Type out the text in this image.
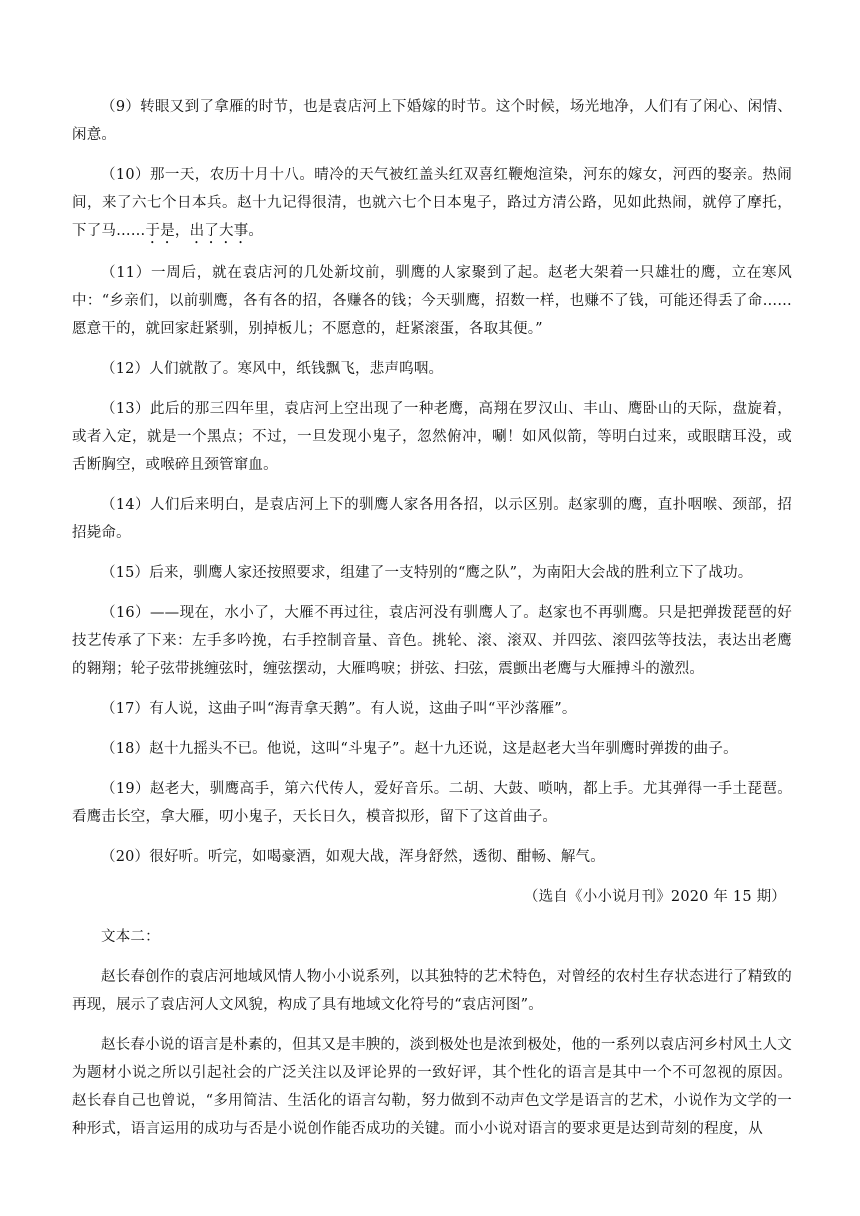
（9）转眼又到了拿雁的时节，也是袁店河上下婚嫁的时节。这个时候，场光地净，人们有了闲心、闲情、闲意。

（10）那一天，农历十月十八。晴冷的天气被红盖头红双喜红鞭炮渲染，河东的嫁女，河西的娶亲。热闹间，来了六七个日本兵。赵十九记得很清，也就六七个日本鬼子，路过方清公路，见如此热闹，就停了摩托，下了马……于是，出了大事。

（11）一周后，就在袁店河的几处新坟前，驯鹰的人家聚到了起。赵老大架着一只雄壮的鹰，立在寒风中：“乡亲们，以前驯鹰，各有各的招，各赚各的钱；今天驯鹰，招数一样，也赚不了钱，可能还得丢了命……愿意干的，就回家赶紧驯，别掉板儿；不愿意的，赶紧滚蛋，各取其便。”

（12）人们就散了。寒风中，纸钱飘飞，悲声呜咽。

（13）此后的那三四年里，袁店河上空出现了一种老鹰，高翔在罗汉山、丰山、鹰卧山的天际，盘旋着，或者入定，就是一个黑点；不过，一旦发现小鬼子，忽然俯冲，唰！如风似箭，等明白过来，或眼瞎耳没，或舌断胸空，或喉碎且颈管窜血。

（14）人们后来明白，是袁店河上下的驯鹰人家各用各招，以示区别。赵家驯的鹰，直扑咽喉、颈部，招招毙命。

（15）后来，驯鹰人家还按照要求，组建了一支特别的“鹰之队”，为南阳大会战的胜利立下了战功。

（16）——现在，水小了，大雁不再过往，袁店河没有驯鹰人了。赵家也不再驯鹰。只是把弹拨琵琶的好技艺传承了下来：左手多吟挽，右手控制音量、音色。挑轮、滚、滚双、并四弦、滚四弦等技法，表达出老鹰的翱翔；轮子弦带挑缠弦时，缠弦摆动，大雁鸣唳；拼弦、扫弦，震颤出老鹰与大雁搏斗的激烈。

（17）有人说，这曲子叫“海青拿天鹅”。有人说，这曲子叫“平沙落雁”。

（18）赵十九摇头不已。他说，这叫“斗鬼子”。赵十九还说，这是赵老大当年驯鹰时弹拨的曲子。

（19）赵老大，驯鹰高手，第六代传人，爱好音乐。二胡、大鼓、唢呐，都上手。尤其弹得一手土琵琶。看鹰击长空，拿大雁，叨小鬼子，天长日久，模音拟形，留下了这首曲子。

（20）很好听。听完，如喝豪酒，如观大战，浑身舒然，透彻、酣畅、解气。

（选自《小小说月刊》2020 年 15 期）

文本二：

赵长春创作的袁店河地域风情人物小小说系列，以其独特的艺术特色，对曾经的农村生存状态进行了精致的再现，展示了袁店河人文风貌，构成了具有地域文化符号的“袁店河图”。

赵长春小说的语言是朴素的，但其又是丰腴的，淡到极处也是浓到极处，他的一系列以袁店河乡村风土人文为题材小说之所以引起社会的广泛关注以及评论界的一致好评，其个性化的语言是其中一个不可忽视的原因。赵长春自己也曾说，“多用简洁、生活化的语言勾勒，努力做到不动声色文学是语言的艺术，小说作为文学的一种形式，语言运用的成功与否是小说创作能否成功的关键。而小小说对语言的要求更是达到苛刻的程度，从
